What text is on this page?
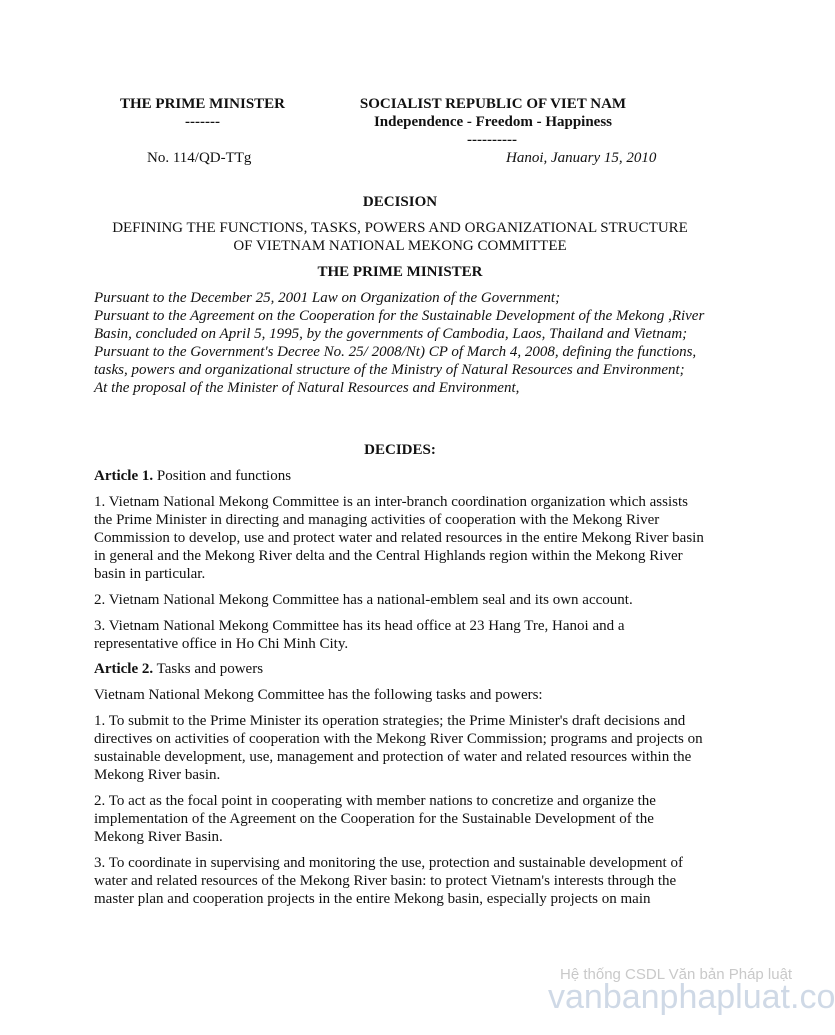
THE PRIME MINISTER
-------
SOCIALIST REPUBLIC OF VIET NAM
Independence - Freedom - Happiness
----------
No. 114/QD-TTg	Hanoi, January 15, 2010
DECISION
DEFINING THE FUNCTIONS, TASKS, POWERS AND ORGANIZATIONAL STRUCTURE
OF VIETNAM NATIONAL MEKONG COMMITTEE
THE PRIME MINISTER

Pursuant to the December 25, 2001 Law on Organization of the Government;

Pursuant to the Agreement on the Cooperation for the Sustainable Development of the Mekong ,River Basin, concluded on April 5, 1995, by the governments of Cambodia, Laos, Thailand and Vietnam;

Pursuant to the Government's Decree No. 25/ 2008/Nt) CP of March 4, 2008, defining the functions, tasks, powers and organizational structure of the Ministry of Natural Resources and Environment;

At the proposal of the Minister of Natural Resources and Environment,

DECIDES:

Article 1. Position and functions

1. Vietnam National Mekong Committee is an inter-branch coordination organization which assists the Prime Minister in directing and managing activities of cooperation with the Mekong River Commission to develop, use and protect water and related resources in the entire Mekong River basin in general and the Mekong River delta and the Central Highlands region within the Mekong River basin in particular.

2. Vietnam National Mekong Committee has a national-emblem seal and its own account.

3. Vietnam National Mekong Committee has its head office at 23 Hang Tre, Hanoi and a representative office in Ho Chi Minh City.

Article 2. Tasks and powers

Vietnam National Mekong Committee has the following tasks and powers:

1. To submit to the Prime Minister its operation strategies; the Prime Minister's draft decisions and directives on activities of cooperation with the Mekong River Commission; programs and projects on sustainable development, use, management and protection of water and related resources within the Mekong River basin.

2. To act as the focal point in cooperating with member nations to concretize and organize the implementation of the Agreement on the Cooperation for the Sustainable Development of the Mekong River Basin.

3. To coordinate in supervising and monitoring the use, protection and sustainable development of water and related resources of the Mekong River basin: to protect Vietnam's interests through the master plan and cooperation projects in the entire Mekong basin, especially projects on main

Hệ thống CSDL Văn bản Pháp luật
vanbanphapluat.co
